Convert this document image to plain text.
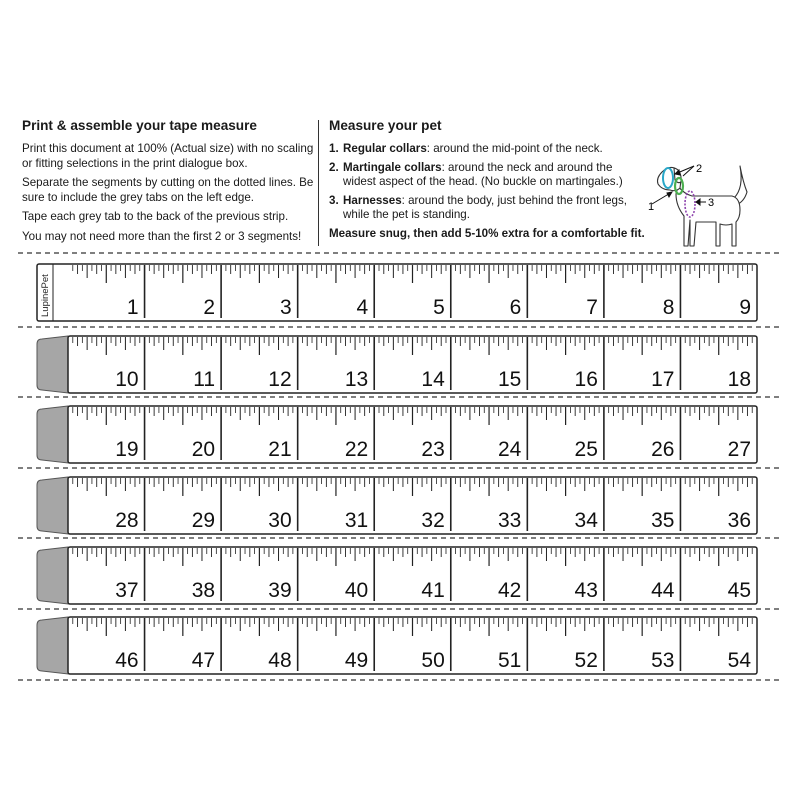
Print & assemble your tape measure

Print this document at 100% (Actual size) with no scaling or fitting selections in the print dialogue box.

Separate the segments by cutting on the dotted lines. Be sure to include the grey tabs on the left edge.

Tape each grey tab to the back of the previous strip.

You may not need more than the first 2 or 3 segments!

Measure your pet
1. Regular collars: around the mid-point of the neck.
2. Martingale collars: around the neck and around the widest aspect of the head. (No buckle on martingales.)
3. Harnesses: around the body, just behind the front legs, while the pet is standing.
Measure snug, then add 5-10% extra for a comfortable fit.
1
2
3
LupinePet	1	2	3	4	5	6	7	8	9
10	11	12	13	14	15	16	17	18
19	20	21	22	23	24	25	26	27
28	29	30	31	32	33	34	35	36
37	38	39	40	41	42	43	44	45
46	47	48	49	50	51	52	53	54
